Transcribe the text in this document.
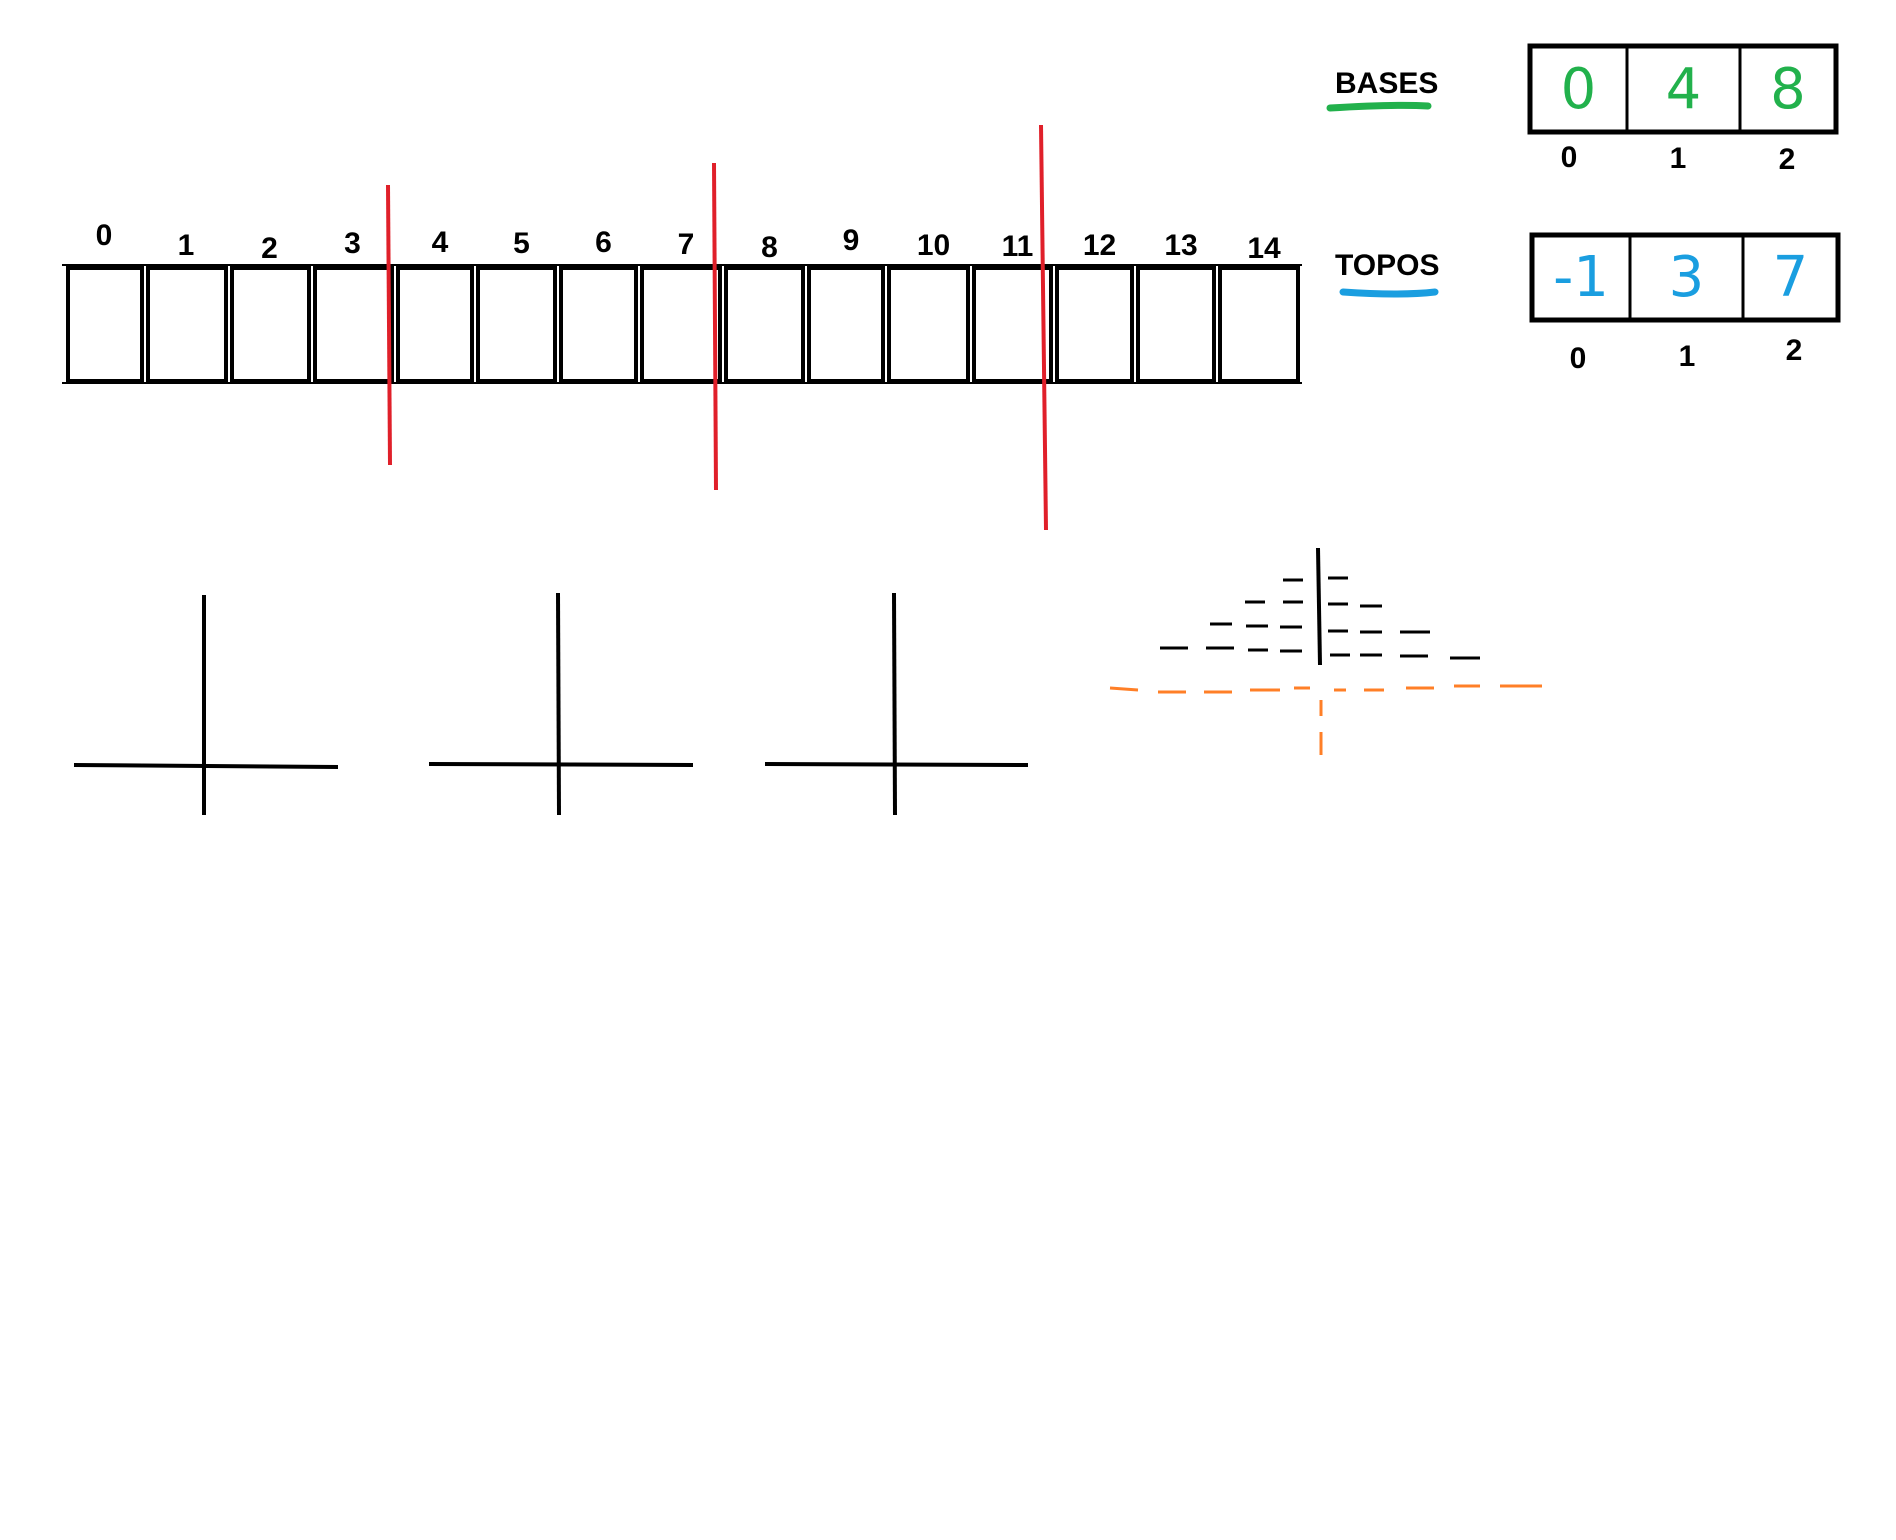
0 1 2 3 4 5 6 7 8 9 10 11 12 13 14
BASES 0 4 8
0	1	2
TOPOS -1 3 7
0	1	2
